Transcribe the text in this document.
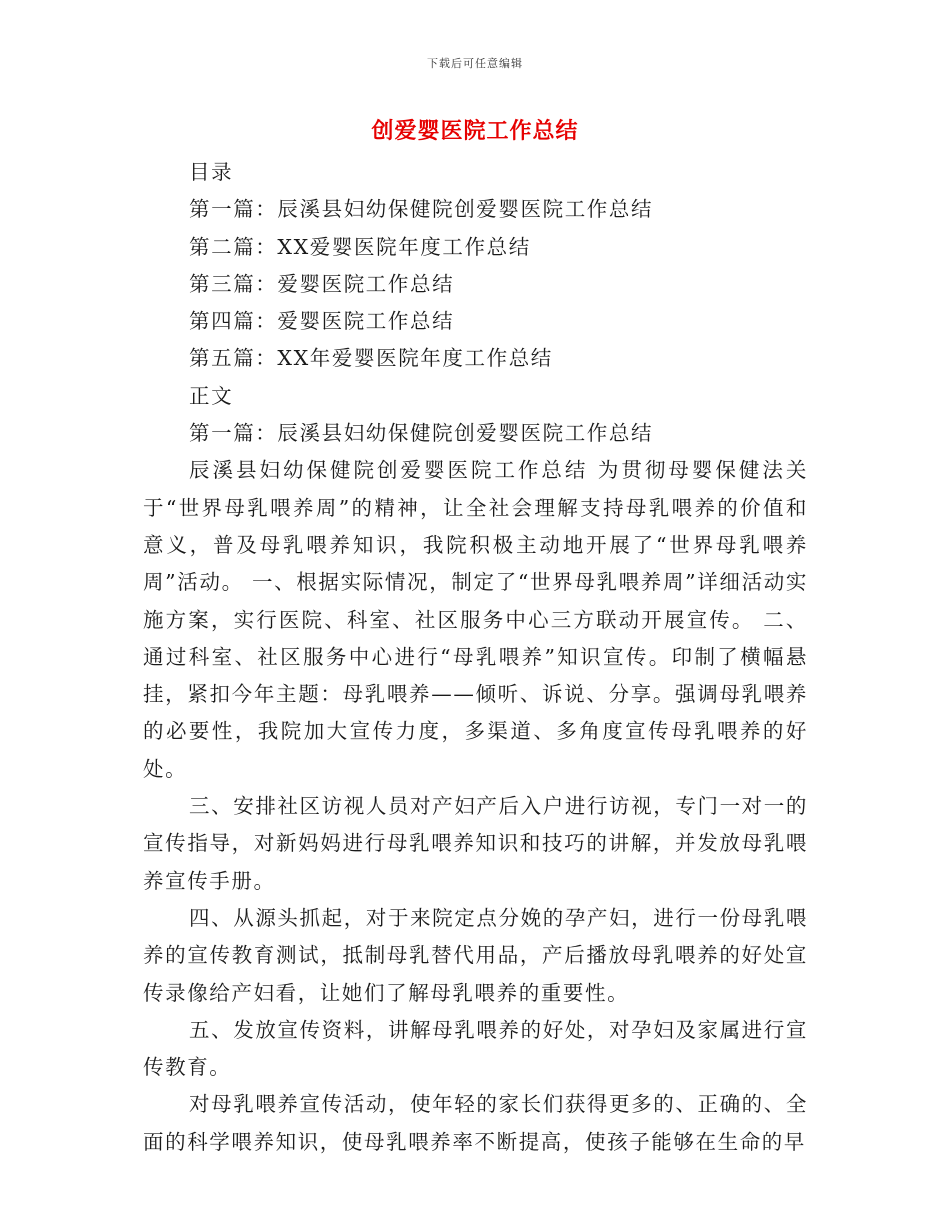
下载后可任意编辑
创爱婴医院工作总结
目录
第一篇：辰溪县妇幼保健院创爱婴医院工作总结
第二篇：XX爱婴医院年度工作总结
第三篇：爱婴医院工作总结
第四篇：爱婴医院工作总结
第五篇：XX年爱婴医院年度工作总结
正文
第一篇：辰溪县妇幼保健院创爱婴医院工作总结

辰溪县妇幼保健院创爱婴医院工作总结 为贯彻母婴保健法关于“世界母乳喂养周”的精神，让全社会理解支持母乳喂养的价值和意义，普及母乳喂养知识，我院积极主动地开展了“世界母乳喂养周”活动。 一、根据实际情况，制定了“世界母乳喂养周”详细活动实施方案，实行医院、科室、社区服务中心三方联动开展宣传。 二、通过科室、社区服务中心进行“母乳喂养”知识宣传。印制了横幅悬挂，紧扣今年主题：母乳喂养——倾听、诉说、分享。强调母乳喂养的必要性，我院加大宣传力度，多渠道、多角度宣传母乳喂养的好处。

三、安排社区访视人员对产妇产后入户进行访视，专门一对一的宣传指导，对新妈妈进行母乳喂养知识和技巧的讲解，并发放母乳喂养宣传手册。

四、从源头抓起，对于来院定点分娩的孕产妇，进行一份母乳喂养的宣传教育测试，抵制母乳替代用品，产后播放母乳喂养的好处宣传录像给产妇看，让她们了解母乳喂养的重要性。

五、发放宣传资料，讲解母乳喂养的好处，对孕妇及家属进行宣传教育。

对母乳喂养宣传活动，使年轻的家长们获得更多的、正确的、全面的科学喂养知识，使母乳喂养率不断提高，使孩子能够在生命的早
